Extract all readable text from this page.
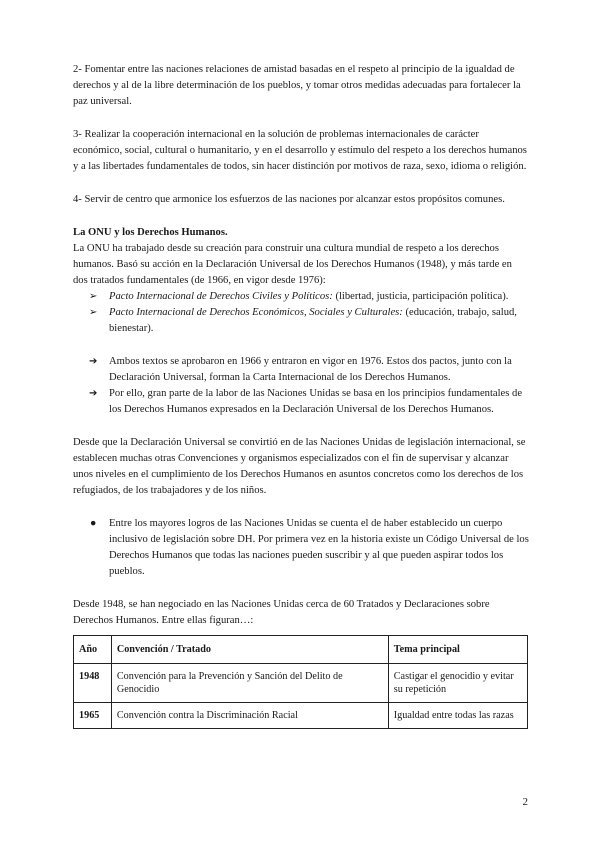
2- Fomentar entre las naciones relaciones de amistad basadas en el respeto al principio de la igualdad de derechos y al de la libre determinación de los pueblos, y tomar otros medidas adecuadas para fortalecer la paz universal.

3- Realizar la cooperación internacional en la solución de problemas internacionales de carácter económico, social, cultural o humanitario, y en el desarrollo y estímulo del respeto a los derechos humanos y a las libertades fundamentales de todos, sin hacer distinción por motivos de raza, sexo, idioma o religión.

4- Servir de centro que armonice los esfuerzos de las naciones por alcanzar estos propósitos comunes.

La ONU y los Derechos Humanos.

La ONU ha trabajado desde su creación para construir una cultura mundial de respeto a los derechos humanos. Basó su acción en la Declaración Universal de los Derechos Humanos (1948), y más tarde en dos tratados fundamentales (de 1966, en vigor desde 1976):

➢ Pacto Internacional de Derechos Civiles y Políticos: (libertad, justicia, participación política).
➢ Pacto Internacional de Derechos Económicos, Sociales y Culturales: (educación, trabajo, salud, bienestar).
➔ Ambos textos se aprobaron en 1966 y entraron en vigor en 1976. Estos dos pactos, junto con la Declaración Universal, forman la Carta Internacional de los Derechos Humanos.
➔ Por ello, gran parte de la labor de las Naciones Unidas se basa en los principios fundamentales de los Derechos Humanos expresados en la Declaración Universal de los Derechos Humanos.

Desde que la Declaración Universal se convirtió en de las Naciones Unidas de legislación internacional, se establecen muchas otras Convenciones y organismos especializados con el fin de supervisar y alcanzar unos niveles en el cumplimiento de los Derechos Humanos en asuntos concretos como los derechos de los refugiados, de los trabajadores y de los niños.

● Entre los mayores logros de las Naciones Unidas se cuenta el de haber establecido un cuerpo inclusivo de legislación sobre DH. Por primera vez en la historia existe un Código Universal de los Derechos Humanos que todas las naciones pueden suscribir y al que pueden aspirar todos los pueblos.

Desde 1948, se han negociado en las Naciones Unidas cerca de 60 Tratados y Declaraciones sobre Derechos Humanos. Entre ellas figuran…:

Año	Convención / Tratado	Tema principal
1948	Convención para la Prevención y Sanción del Delito de Genocidio	Castigar el genocidio y evitar su repetición
1965	Convención contra la Discriminación Racial	Igualdad entre todas las razas
2
